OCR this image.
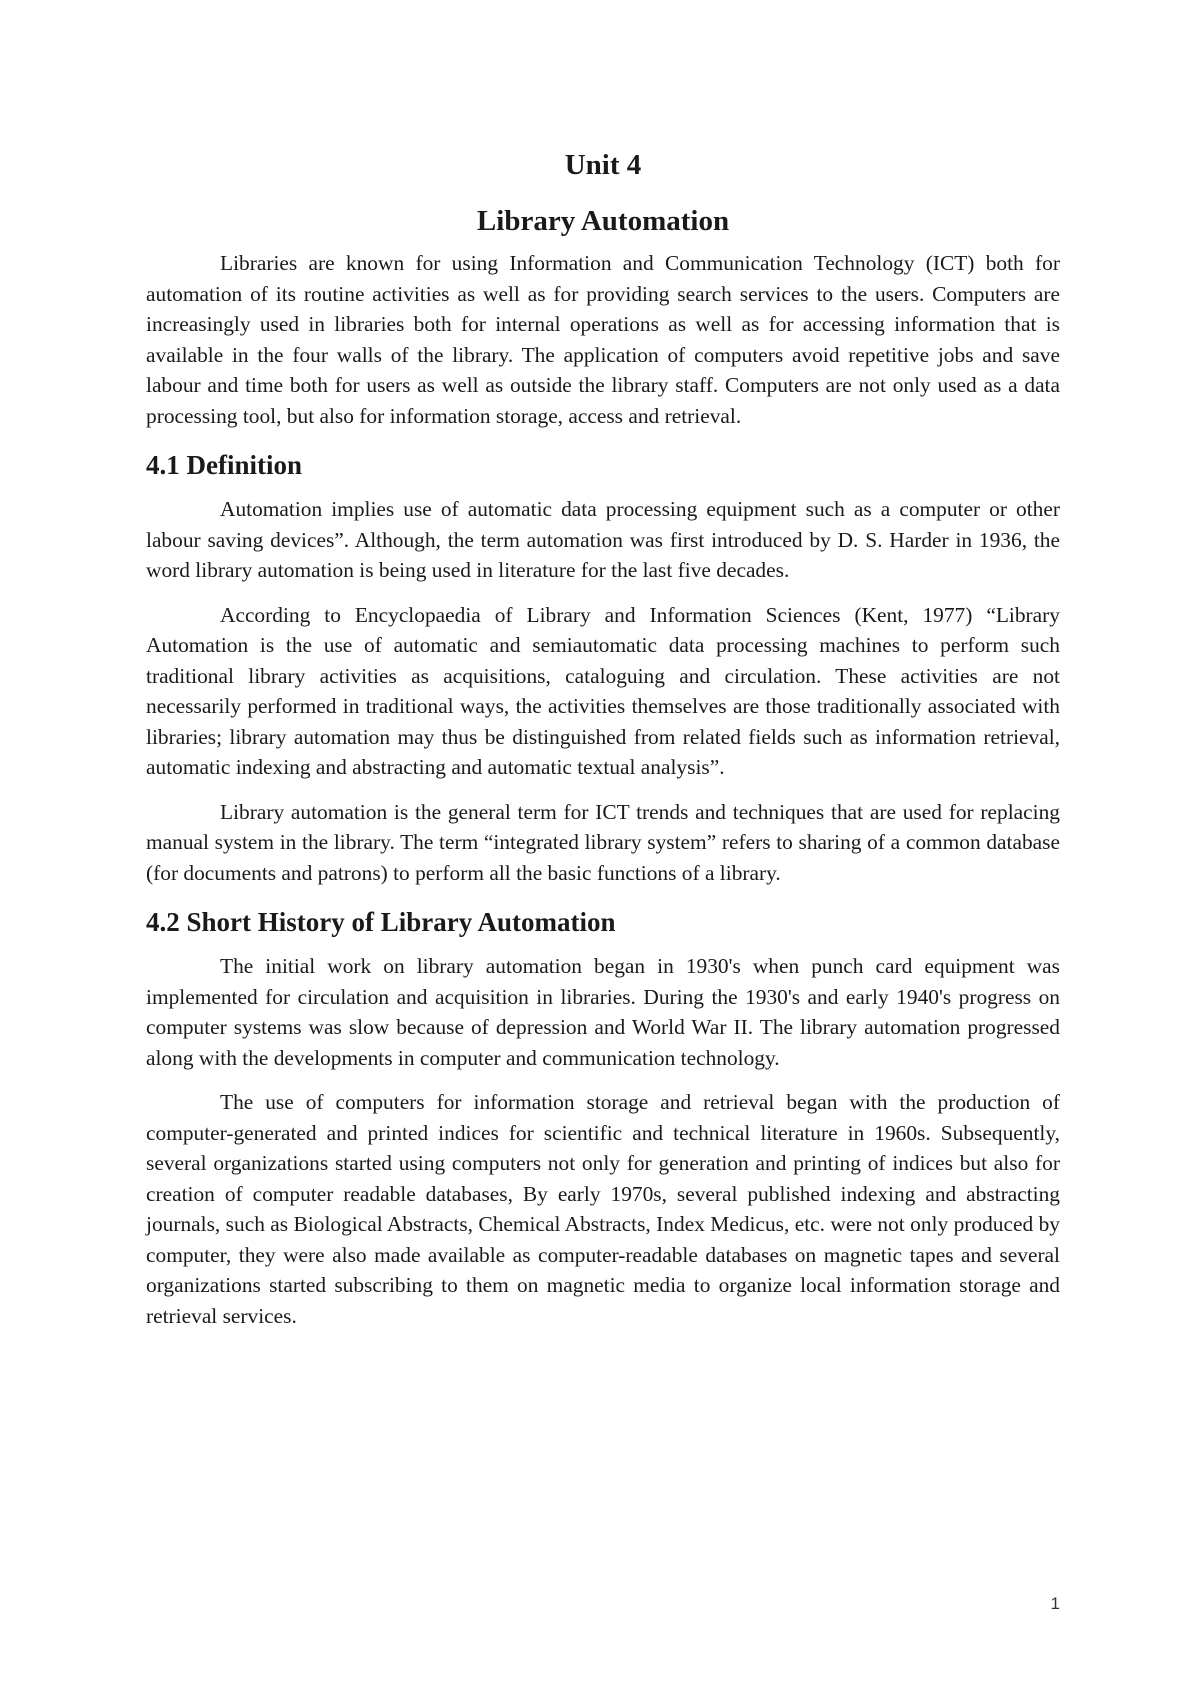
Unit 4
Library Automation

Libraries are known for using Information and Communication Technology (ICT) both for automation of its routine activities as well as for providing search services to the users. Computers are increasingly used in libraries both for internal operations as well as for accessing information that is available in the four walls of the library. The application of computers avoid repetitive jobs and save labour and time both for users as well as outside the library staff. Computers are not only used as a data processing tool, but also for information storage, access and retrieval.

4.1 Definition

Automation implies use of automatic data processing equipment such as a computer or other labour saving devices”. Although, the term automation was first introduced by D. S. Harder in 1936, the word library automation is being used in literature for the last five decades.

According to Encyclopaedia of Library and Information Sciences (Kent, 1977) “Library Automation is the use of automatic and semiautomatic data processing machines to perform such traditional library activities as acquisitions, cataloguing and circulation. These activities are not necessarily performed in traditional ways, the activities themselves are those traditionally associated with libraries; library automation may thus be distinguished from related fields such as information retrieval, automatic indexing and abstracting and automatic textual analysis”.

Library automation is the general term for ICT trends and techniques that are used for replacing manual system in the library. The term “integrated library system” refers to sharing of a common database (for documents and patrons) to perform all the basic functions of a library.

4.2 Short History of Library Automation

The initial work on library automation began in 1930's when punch card equipment was implemented for circulation and acquisition in libraries. During the 1930's and early 1940's progress on computer systems was slow because of depression and World War II. The library automation progressed along with the developments in computer and communication technology.

The use of computers for information storage and retrieval began with the production of computer-generated and printed indices for scientific and technical literature in 1960s. Subsequently, several organizations started using computers not only for generation and printing of indices but also for creation of computer readable databases, By early 1970s, several published indexing and abstracting journals, such as Biological Abstracts, Chemical Abstracts, Index Medicus, etc. were not only produced by computer, they were also made available as computer-readable databases on magnetic tapes and several organizations started subscribing to them on magnetic media to organize local information storage and retrieval services.

1
